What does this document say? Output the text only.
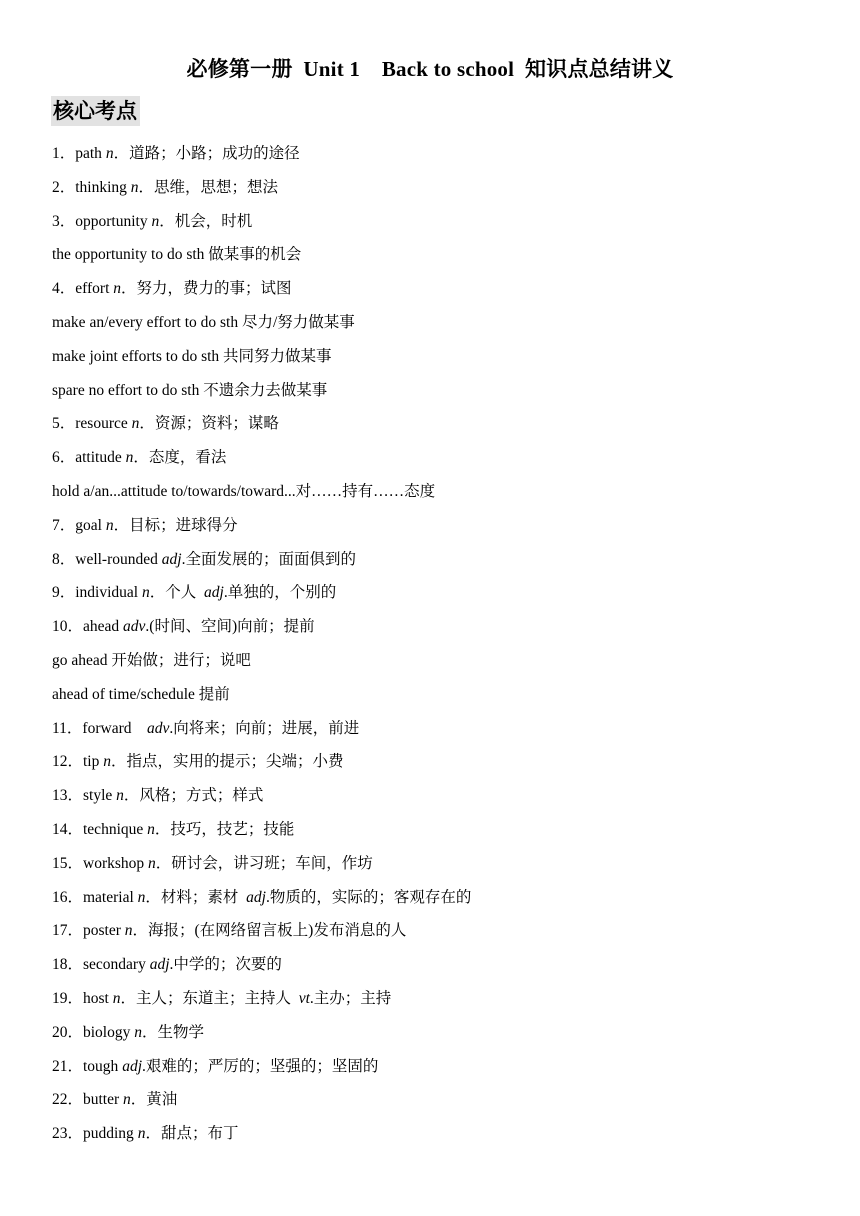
必修第一册  Unit 1    Back to school  知识点总结讲义
核心考点
1．path n．道路；小路；成功的途径
2．thinking n．思维，思想；想法
3．opportunity n．机会，时机
the opportunity to do sth 做某事的机会
4．effort n．努力，费力的事；试图
make an/every effort to do sth 尽力/努力做某事
make joint efforts to do sth 共同努力做某事
spare no effort to do sth 不遗余力去做某事
5．resource n．资源；资料；谋略
6．attitude n．态度，看法
hold a/an...attitude to/towards/toward...对……持有……态度
7．goal n．目标；进球得分
8．well-rounded adj.全面发展的；面面俱到的
9．individual n．个人  adj.单独的，个别的
10．ahead adv.(时间、空间)向前；提前
go ahead 开始做；进行；说吧
ahead of time/schedule 提前
11．forward    adv.向将来；向前；进展，前进
12．tip n．指点，实用的提示；尖端；小费
13．style n．风格；方式；样式
14．technique n．技巧，技艺；技能
15．workshop n．研讨会，讲习班；车间，作坊
16．material n．材料；素材  adj.物质的，实际的；客观存在的
17．poster n．海报；(在网络留言板上)发布消息的人
18．secondary adj.中学的；次要的
19．host n．主人；东道主；主持人  vt.主办；主持
20．biology n．生物学
21．tough adj.艰难的；严厉的；坚强的；坚固的
22．butter n．黄油
23．pudding n．甜点；布丁
